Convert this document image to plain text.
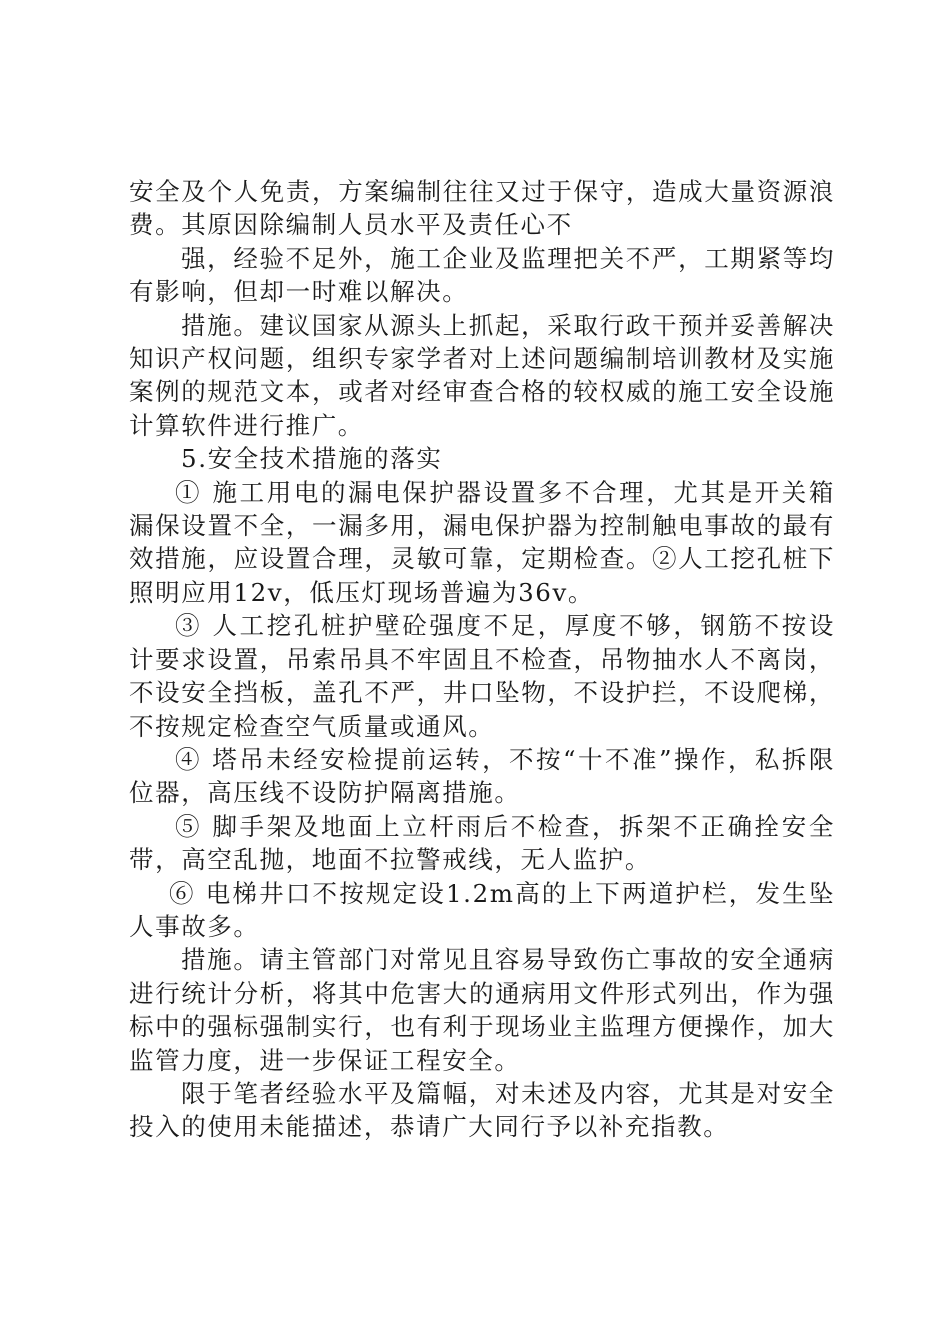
安全及个人免责，方案编制往往又过于保守，造成大量资源浪费。其原因除编制人员水平及责任心不

强，经验不足外，施工企业及监理把关不严，工期紧等均有影响，但却一时难以解决。

措施。建议国家从源头上抓起，采取行政干预并妥善解决知识产权问题，组织专家学者对上述问题编制培训教材及实施案例的规范文本，或者对经审查合格的较权威的施工安全设施计算软件进行推广。

5.安全技术措施的落实

① 施工用电的漏电保护器设置多不合理，尤其是开关箱漏保设置不全，一漏多用，漏电保护器为控制触电事故的最有效措施，应设置合理，灵敏可靠，定期检查。②人工挖孔桩下照明应用12v，低压灯现场普遍为36v。

③ 人工挖孔桩护壁砼强度不足，厚度不够，钢筋不按设计要求设置，吊索吊具不牢固且不检查，吊物抽水人不离岗，不设安全挡板，盖孔不严，井口坠物，不设护拦，不设爬梯，不按规定检查空气质量或通风。

④ 塔吊未经安检提前运转，不按“十不准”操作，私拆限位器，高压线不设防护隔离措施。

⑤ 脚手架及地面上立杆雨后不检查，拆架不正确拴安全带，高空乱抛，地面不拉警戒线，无人监护。

⑥ 电梯井口不按规定设1.2m高的上下两道护栏，发生坠人事故多。

措施。请主管部门对常见且容易导致伤亡事故的安全通病进行统计分析，将其中危害大的通病用文件形式列出，作为强标中的强标强制实行，也有利于现场业主监理方便操作，加大监管力度，进一步保证工程安全。

限于笔者经验水平及篇幅，对未述及内容，尤其是对安全投入的使用未能描述，恭请广大同行予以补充指教。
